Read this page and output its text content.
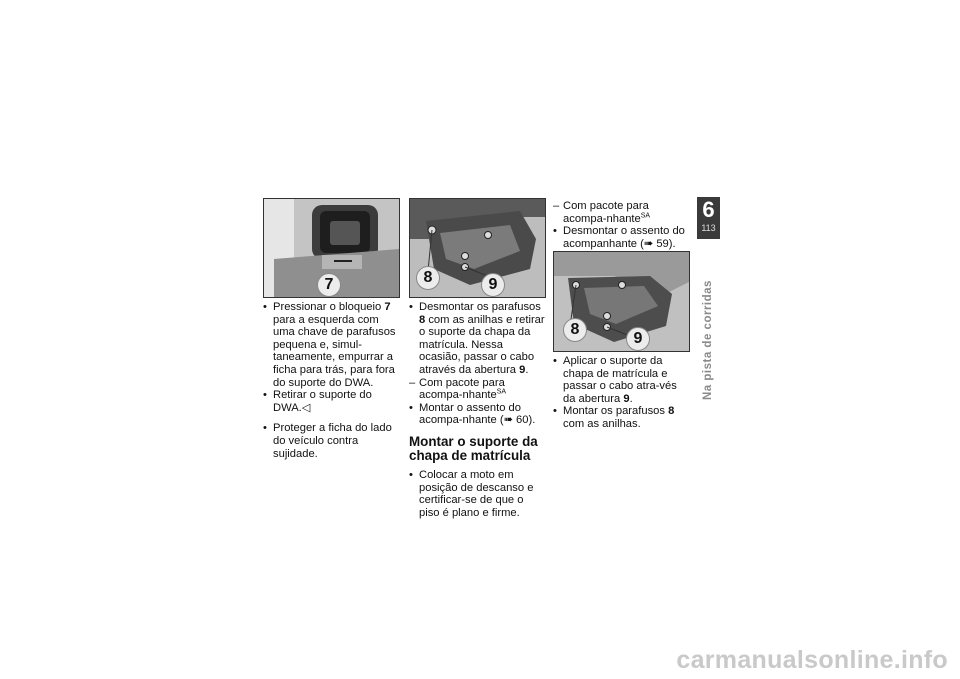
7	8	9
8
9
• Pressionar o bloqueio 7 para a esquerda com uma chave de parafusos pequena e, simul-taneamente, empurrar a ficha para trás, para fora do suporte do DWA.
• Retirar o suporte do DWA.◁
• Proteger a ficha do lado do veículo contra sujidade.
• Desmontar os parafusos 8 com as anilhas e retirar o suporte da chapa da matrícula. Nessa ocasião, passar o cabo através da abertura 9.
– Com pacote para acompa-nhante$^{SA}$
• Montar o assento do acompa-nhante (➠ 60).
Montar o suporte da chapa de matrícula
• Colocar a moto em posição de descanso e certificar-se de que o piso é plano e firme.
– Com pacote para acompa-nhante$^{SA}$
• Desmontar o assento do acompanhante (➠ 59).
• Aplicar o suporte da chapa de matrícula e passar o cabo atra-vés da abertura 9.
• Montar os parafusos 8 com as anilhas.
6
113
Na pista de corridas
carmanualsonline.info
